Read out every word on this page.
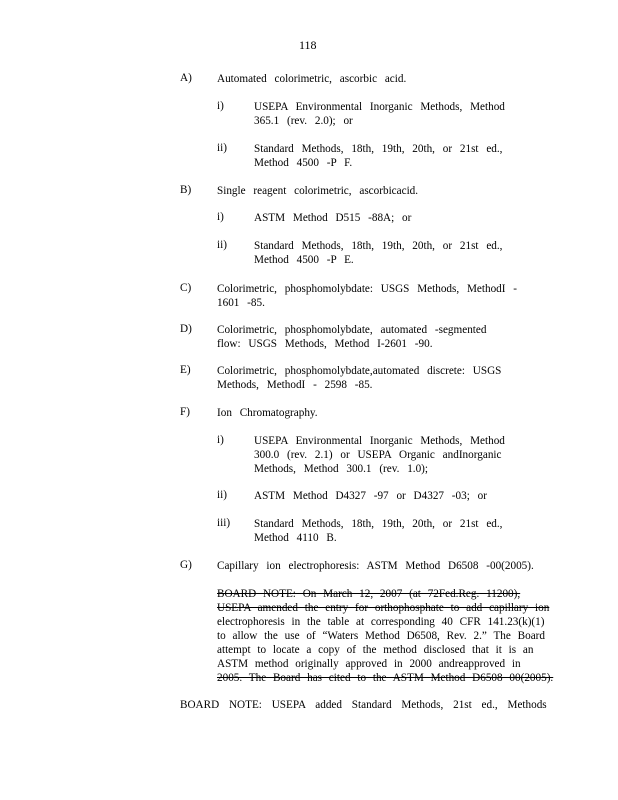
118
A) Automated colorimetric, ascorbic acid.
i)	USEPA Environmental Inorganic Methods, Method 365.1 (rev. 2.0); or
ii) Standard Methods, 18th, 19th, 20th, or 21st ed., Method 4500 -P F.
B) Single reagent colorimetric, ascorbicacid.
i)	ASTM Method D515 -88A; or
ii) Standard Methods, 18th, 19th, 20th, or 21st ed., Method 4500 -P E.
C) Colorimetric, phosphomolybdate: USGS Methods, MethodI - 1601 -85.
D) Colorimetric, phosphomolybdate, automated -segmented flow: USGS Methods, Method I-2601 -90.
E) Colorimetric, phosphomolybdate,automated discrete: USGS Methods, MethodI - 2598 -85.
F) Ion Chromatography.
i)	USEPA Environmental Inorganic Methods, Method 300.0 (rev. 2.1) or USEPA Organic andInorganic Methods, Method 300.1 (rev. 1.0);
ii) ASTM Method D4327 -97 or D4327 -03; or
iii) Standard Methods, 18th, 19th, 20th, or 21st ed., Method 4110 B.
G) Capillary ion electrophoresis: ASTM Method D6508 -00(2005).
BOARD NOTE: On March 12, 2007 (at 72Fed.Reg. 11200),
USEPA amended the entry for orthophosphate to add capillary ion
electrophoresis in the table at corresponding 40 CFR 141.23(k)(1)
to allow the use of “Waters Method D6508, Rev. 2.” The Board
attempt to locate a copy of the method disclosed that it is an
ASTM method originally approved in 2000 andreapproved in
2005. The Board has cited to the ASTM Method D6508 00(2005).
BOARD NOTE: USEPA added Standard Methods, 21st ed., Methods
